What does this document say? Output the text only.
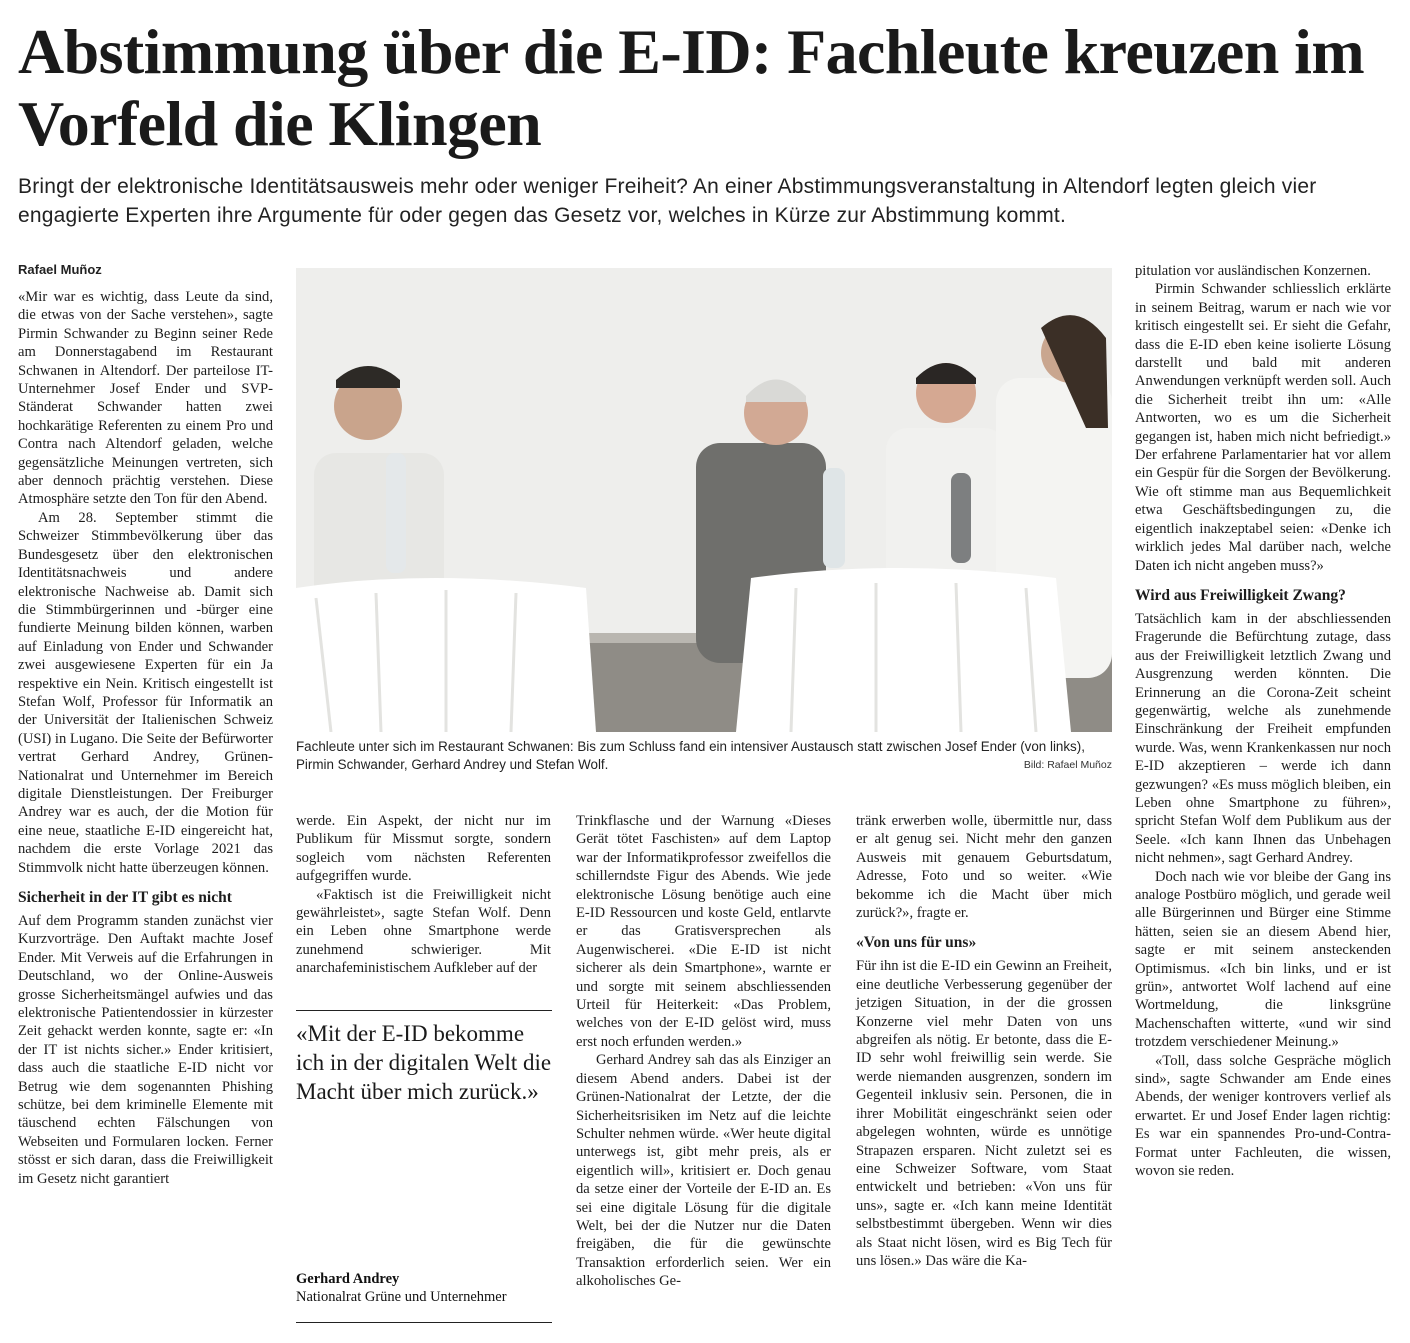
Abstimmung über die E-ID: Fachleute kreuzen im Vorfeld die Klingen

Bringt der elektronische Identitätsausweis mehr oder weniger Freiheit? An einer Abstimmungsveranstaltung in Altendorf legten gleich vier engagierte Experten ihre Argumente für oder gegen das Gesetz vor, welches in Kürze zur Abstimmung kommt.

Rafael Muñoz

«Mir war es wichtig, dass Leute da sind, die etwas von der Sache verstehen», sagte Pirmin Schwander zu Beginn seiner Rede am Donnerstagabend im Restaurant Schwanen in Altendorf. Der parteilose IT-Unternehmer Josef Ender und SVP-Ständerat Schwander hatten zwei hochkarätige Referenten zu einem Pro und Contra nach Altendorf geladen, welche gegensätzliche Meinungen vertreten, sich aber dennoch prächtig verstehen. Diese Atmosphäre setzte den Ton für den Abend.

Am 28. September stimmt die Schweizer Stimmbevölkerung über das Bundesgesetz über den elektronischen Identitätsnachweis und andere elektronische Nachweise ab. Damit sich die Stimmbürgerinnen und -bürger eine fundierte Meinung bilden können, warben auf Einladung von Ender und Schwander zwei ausgewiesene Experten für ein Ja respektive ein Nein. Kritisch eingestellt ist Stefan Wolf, Professor für Informatik an der Universität der Italienischen Schweiz (USI) in Lugano. Die Seite der Befürworter vertrat Gerhard Andrey, Grünen-Nationalrat und Unternehmer im Bereich digitale Dienstleistungen. Der Freiburger Andrey war es auch, der die Motion für eine neue, staatliche E-ID eingereicht hat, nachdem die erste Vorlage 2021 das Stimmvolk nicht hatte überzeugen können.

Sicherheit in der IT gibt es nicht

Auf dem Programm standen zunächst vier Kurzvorträge. Den Auftakt machte Josef Ender. Mit Verweis auf die Erfahrungen in Deutschland, wo der Online-Ausweis grosse Sicherheitsmängel aufwies und das elektronische Patientendossier in kürzester Zeit gehackt werden konnte, sagte er: «In der IT ist nichts sicher.» Ender kritisiert, dass auch die staatliche E-ID nicht vor Betrug wie dem sogenannten Phishing schütze, bei dem kriminelle Elemente mit täuschend echten Fälschungen von Webseiten und Formularen locken. Ferner stösst er sich daran, dass die Freiwilligkeit im Gesetz nicht garantiert

Fachleute unter sich im Restaurant Schwanen: Bis zum Schluss fand ein intensiver Austausch statt zwischen Josef Ender (von links), Pirmin Schwander, Gerhard Andrey und Stefan Wolf.	Bild: Rafael Muñoz

werde. Ein Aspekt, der nicht nur im Publikum für Missmut sorgte, sondern sogleich vom nächsten Referenten aufgegriffen wurde.

«Faktisch ist die Freiwilligkeit nicht gewährleistet», sagte Stefan Wolf. Denn ein Leben ohne Smartphone werde zunehmend schwieriger. Mit anarchafeministischem Aufkleber auf der

«Mit der E-ID bekomme ich in der digitalen Welt die Macht über mich zurück.»
Gerhard Andrey
Nationalrat Grüne und Unternehmer

Trinkflasche und der Warnung «Dieses Gerät tötet Faschisten» auf dem Laptop war der Informatikprofessor zweifellos die schillerndste Figur des Abends. Wie jede elektronische Lösung benötige auch eine E-ID Ressourcen und koste Geld, entlarvte er das Gratisversprechen als Augenwischerei. «Die E-ID ist nicht sicherer als dein Smartphone», warnte er und sorgte mit seinem abschliessenden Urteil für Heiterkeit: «Das Problem, welches von der E-ID gelöst wird, muss erst noch erfunden werden.»

Gerhard Andrey sah das als Einziger an diesem Abend anders. Dabei ist der Grünen-Nationalrat der Letzte, der die Sicherheitsrisiken im Netz auf die leichte Schulter nehmen würde. «Wer heute digital unterwegs ist, gibt mehr preis, als er eigentlich will», kritisiert er. Doch genau da setze einer der Vorteile der E-ID an. Es sei eine digitale Lösung für die digitale Welt, bei der die Nutzer nur die Daten freigäben, die für die gewünschte Transaktion erforderlich seien. Wer ein alkoholisches Ge-

tränk erwerben wolle, übermittle nur, dass er alt genug sei. Nicht mehr den ganzen Ausweis mit genauem Geburtsdatum, Adresse, Foto und so weiter. «Wie bekomme ich die Macht über mich zurück?», fragte er.

«Von uns für uns»

Für ihn ist die E-ID ein Gewinn an Freiheit, eine deutliche Verbesserung gegenüber der jetzigen Situation, in der die grossen Konzerne viel mehr Daten von uns abgreifen als nötig. Er betonte, dass die E-ID sehr wohl freiwillig sein werde. Sie werde niemanden ausgrenzen, sondern im Gegenteil inklusiv sein. Personen, die in ihrer Mobilität eingeschränkt seien oder abgelegen wohnten, würde es unnötige Strapazen ersparen. Nicht zuletzt sei es eine Schweizer Software, vom Staat entwickelt und betrieben: «Von uns für uns», sagte er. «Ich kann meine Identität selbstbestimmt übergeben. Wenn wir dies als Staat nicht lösen, wird es Big Tech für uns lösen.» Das wäre die Ka-

pitulation vor ausländischen Konzernen.

Pirmin Schwander schliesslich erklärte in seinem Beitrag, warum er nach wie vor kritisch eingestellt sei. Er sieht die Gefahr, dass die E-ID eben keine isolierte Lösung darstellt und bald mit anderen Anwendungen verknüpft werden soll. Auch die Sicherheit treibt ihn um: «Alle Antworten, wo es um die Sicherheit gegangen ist, haben mich nicht befriedigt.» Der erfahrene Parlamentarier hat vor allem ein Gespür für die Sorgen der Bevölkerung. Wie oft stimme man aus Bequemlichkeit etwa Geschäftsbedingungen zu, die eigentlich inakzeptabel seien: «Denke ich wirklich jedes Mal darüber nach, welche Daten ich nicht angeben muss?»

Wird aus Freiwilligkeit Zwang?

Tatsächlich kam in der abschliessenden Fragerunde die Befürchtung zutage, dass aus der Freiwilligkeit letztlich Zwang und Ausgrenzung werden könnten. Die Erinnerung an die Corona-Zeit scheint gegenwärtig, welche als zunehmende Einschränkung der Freiheit empfunden wurde. Was, wenn Krankenkassen nur noch E-ID akzeptieren – werde ich dann gezwungen? «Es muss möglich bleiben, ein Leben ohne Smartphone zu führen», spricht Stefan Wolf dem Publikum aus der Seele. «Ich kann Ihnen das Unbehagen nicht nehmen», sagt Gerhard Andrey.

Doch nach wie vor bleibe der Gang ins analoge Postbüro möglich, und gerade weil alle Bürgerinnen und Bürger eine Stimme hätten, seien sie an diesem Abend hier, sagte er mit seinem ansteckenden Optimismus. «Ich bin links, und er ist grün», antwortet Wolf lachend auf eine Wortmeldung, die linksgrüne Machenschaften witterte, «und wir sind trotzdem verschiedener Meinung.»

«Toll, dass solche Gespräche möglich sind», sagte Schwander am Ende eines Abends, der weniger kontrovers verlief als erwartet. Er und Josef Ender lagen richtig: Es war ein spannendes Pro-und-Contra-Format unter Fachleuten, die wissen, wovon sie reden.
